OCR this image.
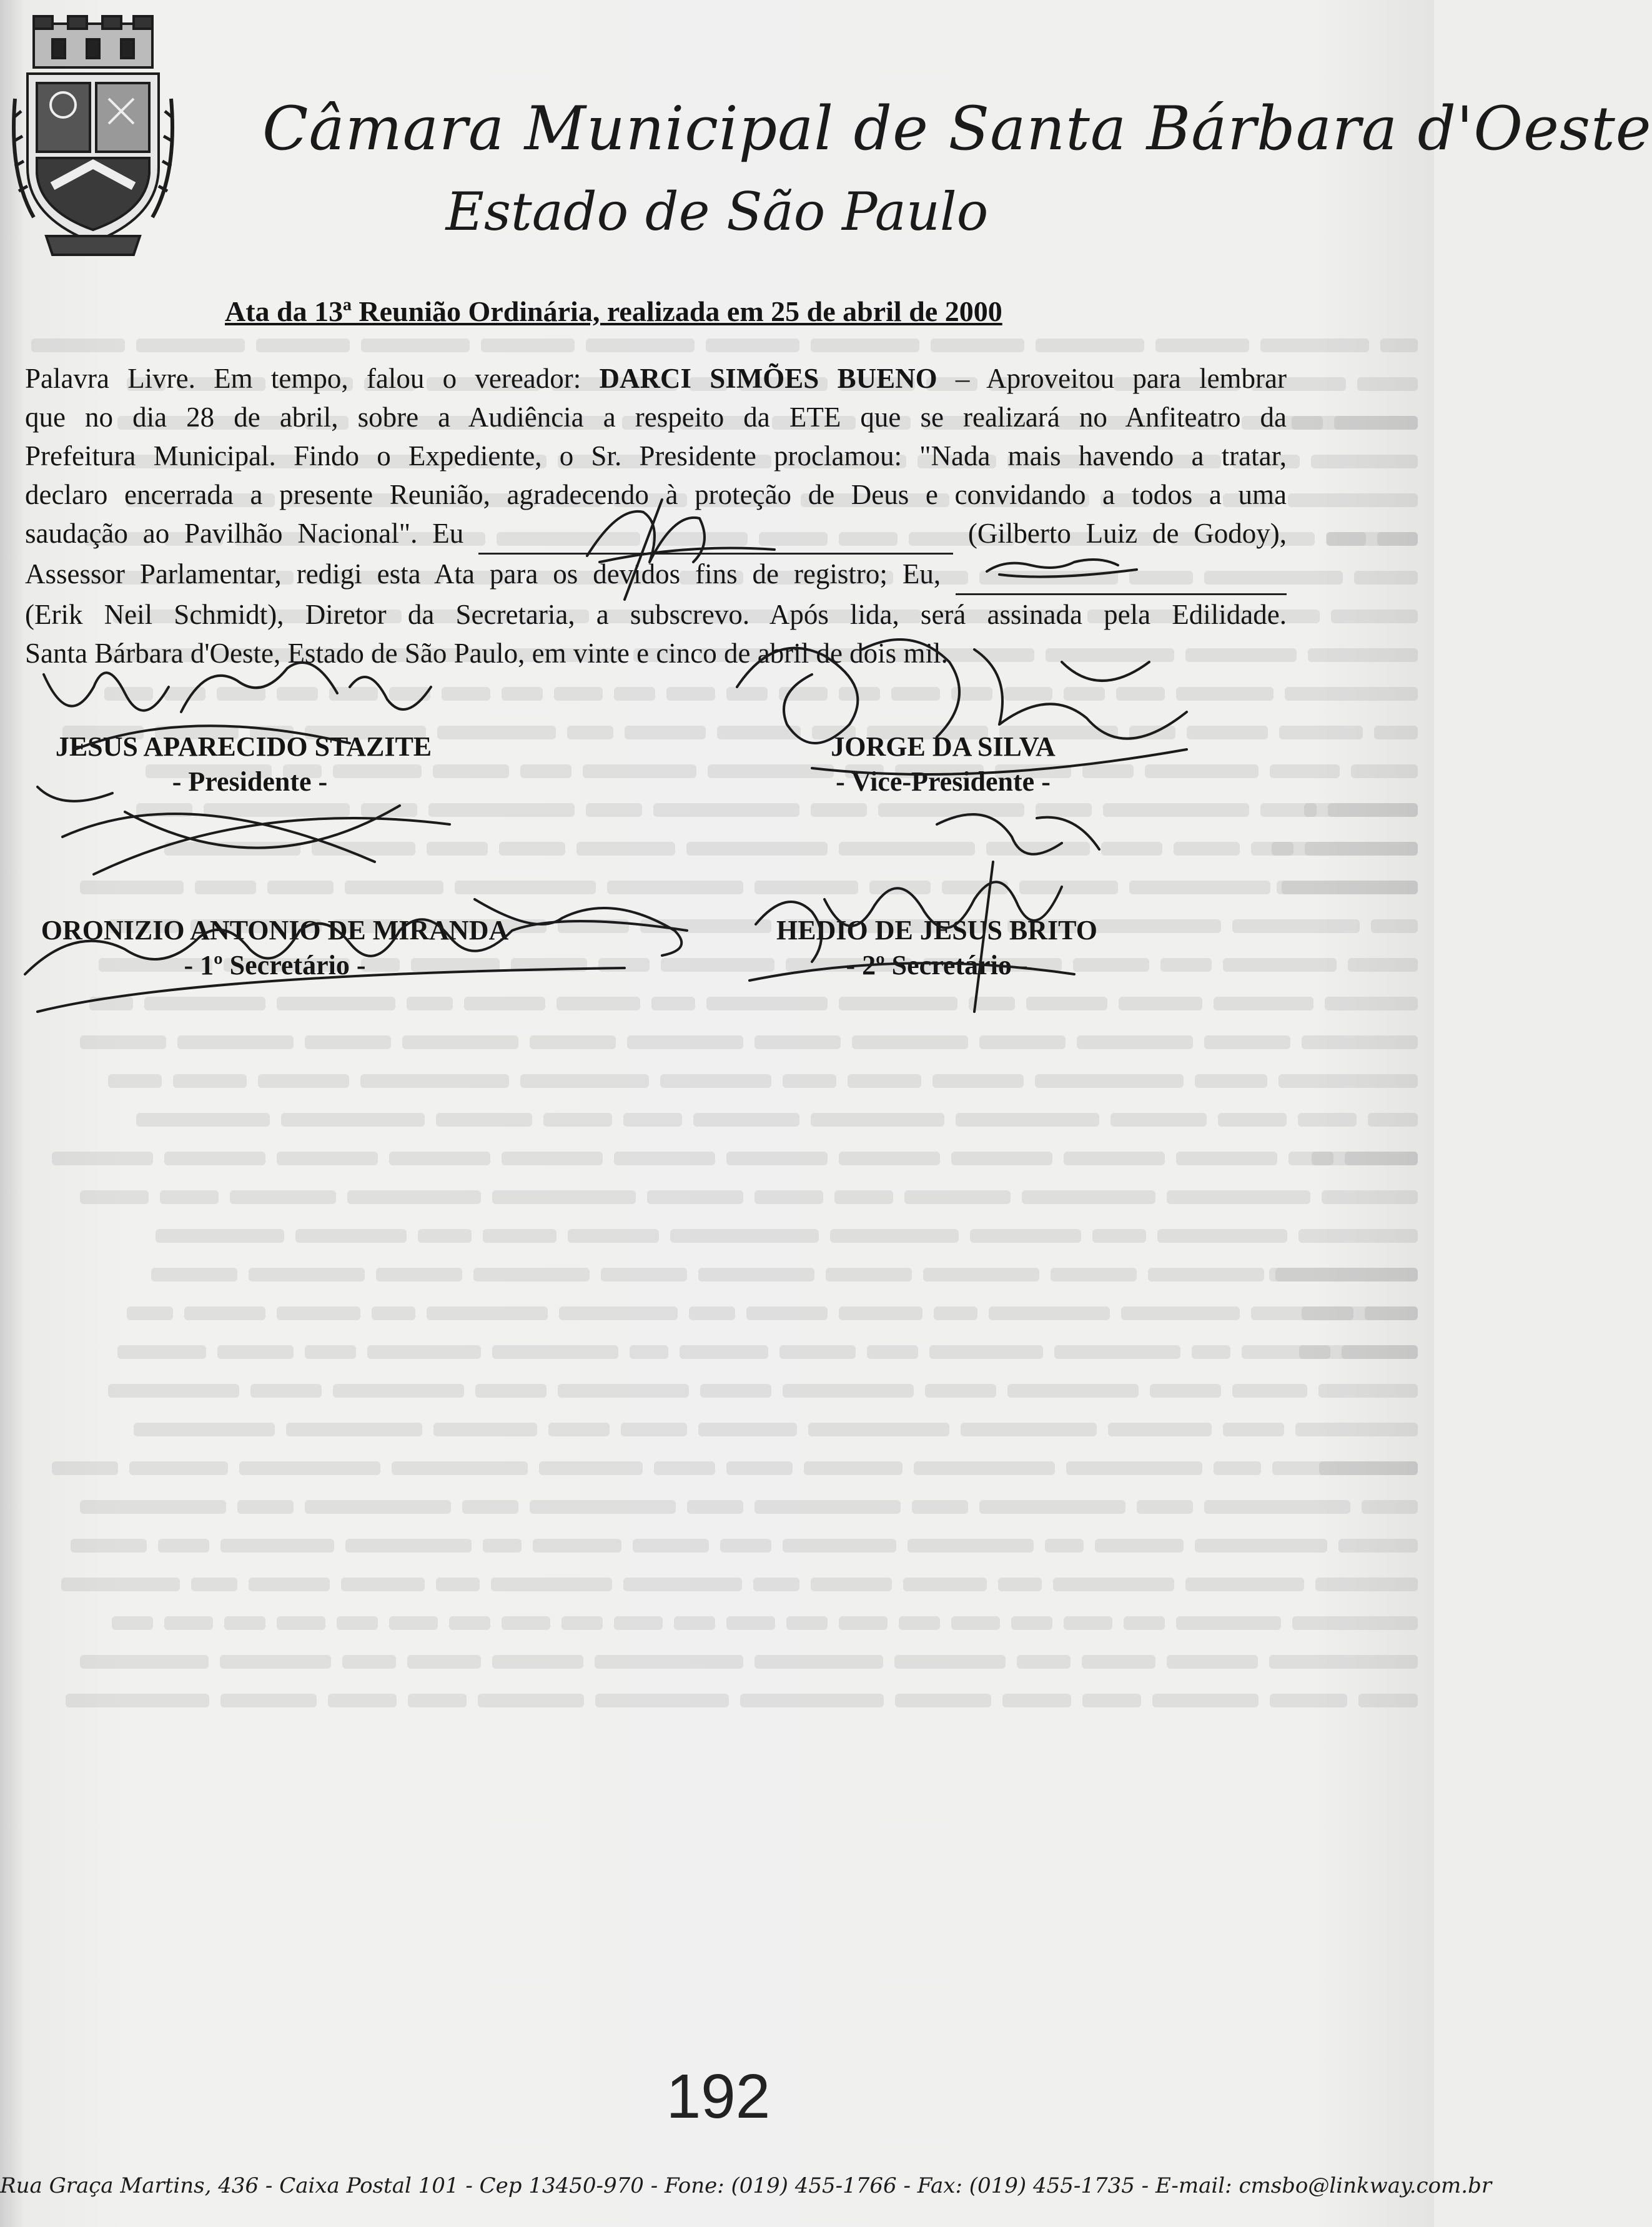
Câmara Municipal de Santa Bárbara d'Oeste
Estado de São Paulo
Ata da 13ª Reunião Ordinária, realizada em 25 de abril de 2000
Palavra Livre. Em tempo, falou o vereador: DARCI SIMÕES BUENO – Aproveitou para lembrar
que no dia 28 de abril, sobre a Audiência a respeito da ETE que se realizará no Anfiteatro da
Prefeitura Municipal. Findo o Expediente, o Sr. Presidente proclamou: "Nada mais havendo a tratar,
declaro encerrada a presente Reunião, agradecendo à proteção de Deus e convidando a todos a uma
saudação ao Pavilhão Nacional". Eu	(Gilberto Luiz de Godoy),
Assessor Parlamentar, redigi esta Ata para os devidos fins de registro; Eu,
(Erik Neil Schmidt), Diretor da Secretaria, a subscrevo. Após lida, será assinada pela Edilidade.
Santa Bárbara d'Oeste, Estado de São Paulo, em vinte e cinco de abril de dois mil.
JESUS APARECIDO STAZITE
- Presidente -
JORGE DA SILVA
- Vice-Presidente -
ORONIZIO ANTONIO DE MIRANDA
- 1º Secretário -
HEDIO DE JESUS BRITO
- 2º Secretário -
192
Rua Graça Martins, 436 - Caixa Postal 101 - Cep 13450-970 - Fone: (019) 455-1766 - Fax: (019) 455-1735 - E-mail: cmsbo@linkway.com.br
